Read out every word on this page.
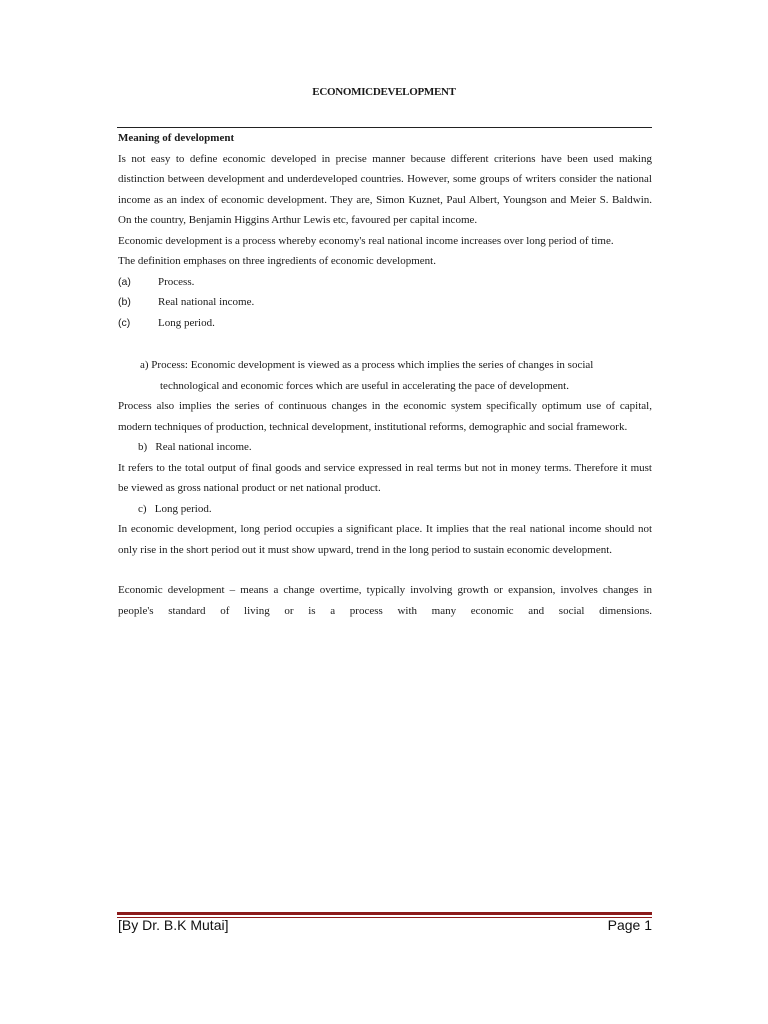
ECONOMICDEVELOPMENT

Meaning of development

Is not easy to define economic developed in precise manner because different criterions have been used making distinction between development and underdeveloped countries. However, some groups of writers consider the national income as an index of economic development. They are, Simon Kuznet, Paul Albert, Youngson and Meier S. Baldwin. On the country, Benjamin Higgins Arthur Lewis etc, favoured per capital income.

Economic development is a process whereby economy's real national income increases over long period of time.

The definition emphases on three ingredients of economic development.

(a)	Process.
(b)	Real national income.
(c)	Long period.

a) Process: Economic development is viewed as a process which implies the series of changes in social

technological and economic forces which are useful in accelerating the pace of development.

Process also implies the series of continuous changes in the economic system specifically optimum use of capital, modern techniques of production, technical development, institutional reforms, demographic and social framework.

b) Real national income.

It refers to the total output of final goods and service expressed in real terms but not in money terms. Therefore it must be viewed as gross national product or net national product.

c) Long period.

In economic development, long period occupies a significant place. It implies that the real national income should not only rise in the short period out it must show upward, trend in the long period to sustain economic development.

Economic development – means a change overtime, typically involving growth or expansion, involves changes in people's standard of living or is a process with many economic and social dimensions.

[By Dr. B.K Mutai]	Page 1
